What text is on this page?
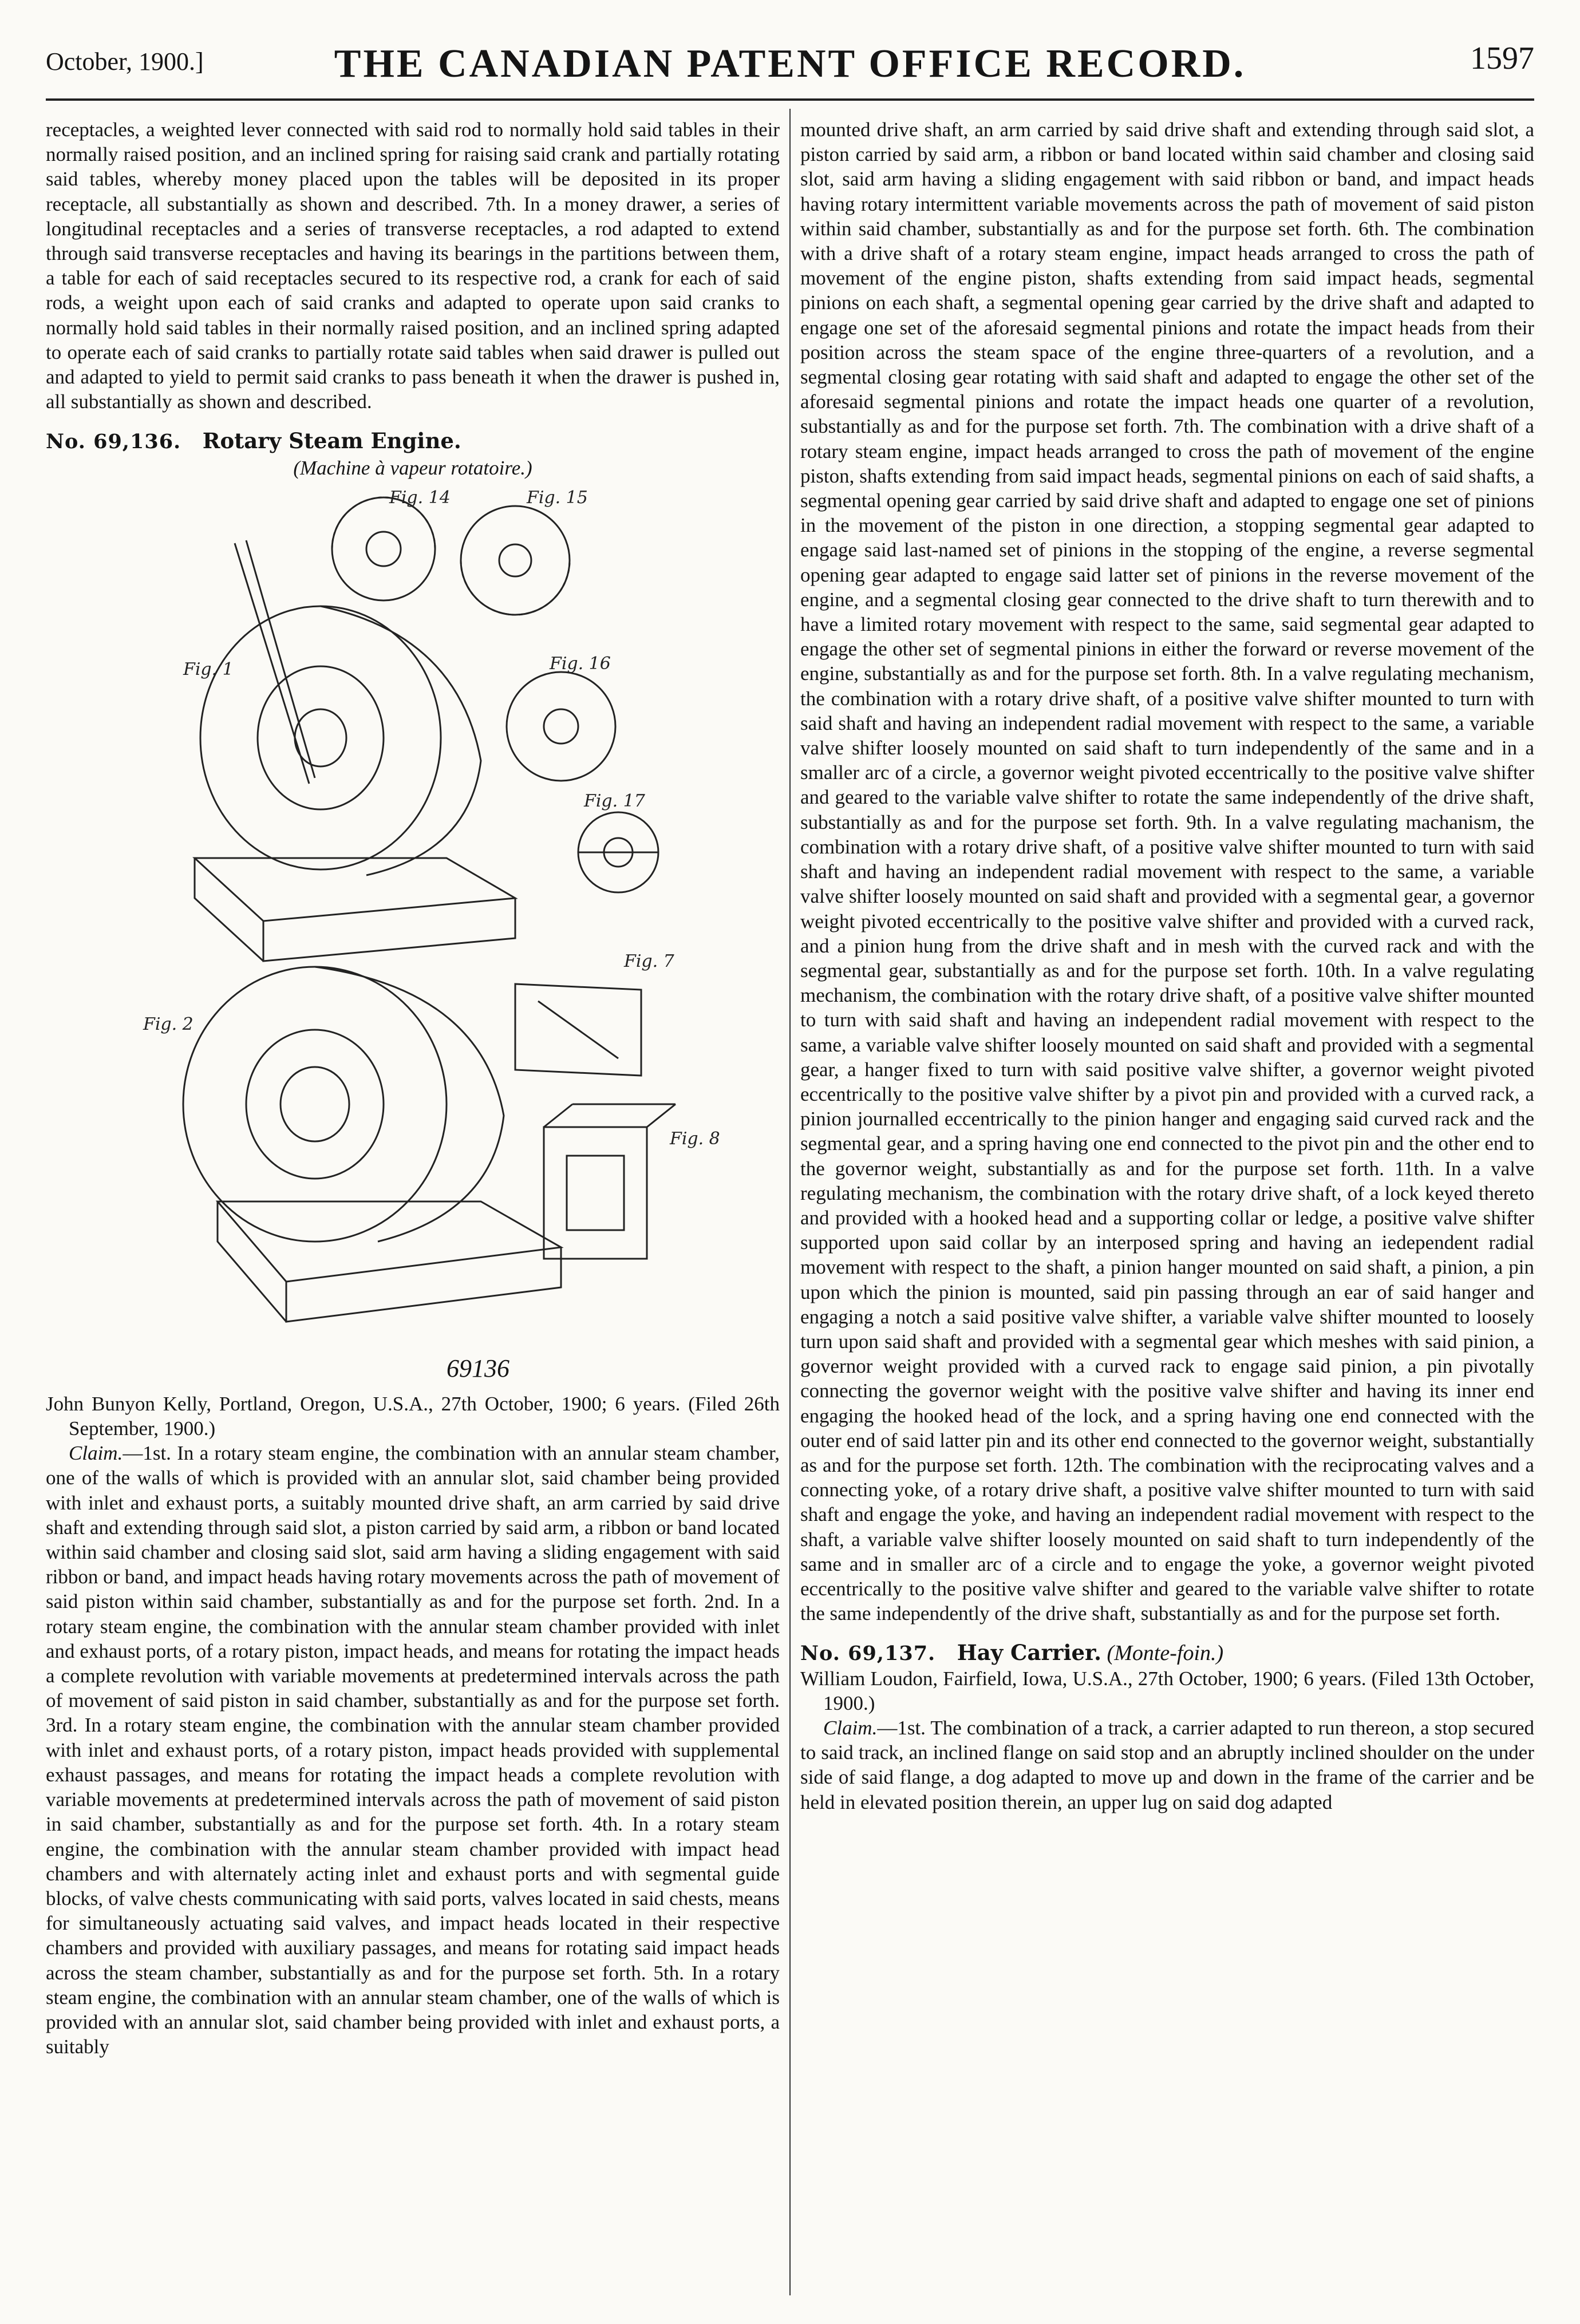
October, 1900.]	THE CANADIAN PATENT OFFICE RECORD.	1597

receptacles, a weighted lever connected with said rod to normally hold said tables in their normally raised position, and an inclined spring for raising said crank and partially rotating said tables, whereby money placed upon the tables will be deposited in its proper receptacle, all substantially as shown and described. 7th. In a money drawer, a series of longitudinal receptacles and a series of transverse receptacles, a rod adapted to extend through said transverse receptacles and having its bearings in the partitions between them, a table for each of said receptacles secured to its respective rod, a crank for each of said rods, a weight upon each of said cranks and adapted to operate upon said cranks to normally hold said tables in their normally raised position, and an inclined spring adapted to operate each of said cranks to partially rotate said tables when said drawer is pulled out and adapted to yield to permit said cranks to pass beneath it when the drawer is pushed in, all substantially as shown and described.

No. 69,136. Rotary Steam Engine.
(Machine à vapeur rotatoire.)
Fig. 14	Fig. 15
Fig. 1	Fig. 16
Fig. 17
Fig. 2
Fig. 7
Fig. 8
69136

John Bunyon Kelly, Portland, Oregon, U.S.A., 27th October, 1900; 6 years. (Filed 26th September, 1900.)

Claim.—1st. In a rotary steam engine, the combination with an annular steam chamber, one of the walls of which is provided with an annular slot, said chamber being provided with inlet and exhaust ports, a suitably mounted drive shaft, an arm carried by said drive shaft and extending through said slot, a piston carried by said arm, a ribbon or band located within said chamber and closing said slot, said arm having a sliding engagement with said ribbon or band, and impact heads having rotary movements across the path of movement of said piston within said chamber, substantially as and for the purpose set forth. 2nd. In a rotary steam engine, the combination with the annular steam chamber provided with inlet and exhaust ports, of a rotary piston, impact heads, and means for rotating the impact heads a complete revolution with variable movements at predetermined intervals across the path of movement of said piston in said chamber, substantially as and for the purpose set forth. 3rd. In a rotary steam engine, the combination with the annular steam chamber provided with inlet and exhaust ports, of a rotary piston, impact heads provided with supplemental exhaust passages, and means for rotating the impact heads a complete revolution with variable movements at predetermined intervals across the path of movement of said piston in said chamber, substantially as and for the purpose set forth. 4th. In a rotary steam engine, the combination with the annular steam chamber provided with impact head chambers and with alternately acting inlet and exhaust ports and with segmental guide blocks, of valve chests communicating with said ports, valves located in said chests, means for simultaneously actuating said valves, and impact heads located in their respective chambers and provided with auxiliary passages, and means for rotating said impact heads across the steam chamber, substantially as and for the purpose set forth. 5th. In a rotary steam engine, the combination with an annular steam chamber, one of the walls of which is provided with an annular slot, said chamber being provided with inlet and exhaust ports, a suitably

mounted drive shaft, an arm carried by said drive shaft and extending through said slot, a piston carried by said arm, a ribbon or band located within said chamber and closing said slot, said arm having a sliding engagement with said ribbon or band, and impact heads having rotary intermittent variable movements across the path of movement of said piston within said chamber, substantially as and for the purpose set forth. 6th. The combination with a drive shaft of a rotary steam engine, impact heads arranged to cross the path of movement of the engine piston, shafts extending from said impact heads, segmental pinions on each shaft, a segmental opening gear carried by the drive shaft and adapted to engage one set of the aforesaid segmental pinions and rotate the impact heads from their position across the steam space of the engine three-quarters of a revolution, and a segmental closing gear rotating with said shaft and adapted to engage the other set of the aforesaid segmental pinions and rotate the impact heads one quarter of a revolution, substantially as and for the purpose set forth. 7th. The combination with a drive shaft of a rotary steam engine, impact heads arranged to cross the path of movement of the engine piston, shafts extending from said impact heads, segmental pinions on each of said shafts, a segmental opening gear carried by said drive shaft and adapted to engage one set of pinions in the movement of the piston in one direction, a stopping segmental gear adapted to engage said last-named set of pinions in the stopping of the engine, a reverse segmental opening gear adapted to engage said latter set of pinions in the reverse movement of the engine, and a segmental closing gear connected to the drive shaft to turn therewith and to have a limited rotary movement with respect to the same, said segmental gear adapted to engage the other set of segmental pinions in either the forward or reverse movement of the engine, substantially as and for the purpose set forth. 8th. In a valve regulating mechanism, the combination with a rotary drive shaft, of a positive valve shifter mounted to turn with said shaft and having an independent radial movement with respect to the same, a variable valve shifter loosely mounted on said shaft to turn independently of the same and in a smaller arc of a circle, a governor weight pivoted eccentrically to the positive valve shifter and geared to the variable valve shifter to rotate the same independently of the drive shaft, substantially as and for the purpose set forth. 9th. In a valve regulating machanism, the combination with a rotary drive shaft, of a positive valve shifter mounted to turn with said shaft and having an independent radial movement with respect to the same, a variable valve shifter loosely mounted on said shaft and provided with a segmental gear, a governor weight pivoted eccentrically to the positive valve shifter and provided with a curved rack, and a pinion hung from the drive shaft and in mesh with the curved rack and with the segmental gear, substantially as and for the purpose set forth. 10th. In a valve regulating mechanism, the combination with the rotary drive shaft, of a positive valve shifter mounted to turn with said shaft and having an independent radial movement with respect to the same, a variable valve shifter loosely mounted on said shaft and provided with a segmental gear, a hanger fixed to turn with said positive valve shifter, a governor weight pivoted eccentrically to the positive valve shifter by a pivot pin and provided with a curved rack, a pinion journalled eccentrically to the pinion hanger and engaging said curved rack and the segmental gear, and a spring having one end connected to the pivot pin and the other end to the governor weight, substantially as and for the purpose set forth. 11th. In a valve regulating mechanism, the combination with the rotary drive shaft, of a lock keyed thereto and provided with a hooked head and a supporting collar or ledge, a positive valve shifter supported upon said collar by an interposed spring and having an iedependent radial movement with respect to the shaft, a pinion hanger mounted on said shaft, a pinion, a pin upon which the pinion is mounted, said pin passing through an ear of said hanger and engaging a notch a said positive valve shifter, a variable valve shifter mounted to loosely turn upon said shaft and provided with a segmental gear which meshes with said pinion, a governor weight provided with a curved rack to engage said pinion, a pin pivotally connecting the governor weight with the positive valve shifter and having its inner end engaging the hooked head of the lock, and a spring having one end connected with the outer end of said latter pin and its other end connected to the governor weight, substantially as and for the purpose set forth. 12th. The combination with the reciprocating valves and a connecting yoke, of a rotary drive shaft, a positive valve shifter mounted to turn with said shaft and engage the yoke, and having an independent radial movement with respect to the shaft, a variable valve shifter loosely mounted on said shaft to turn independently of the same and in smaller arc of a circle and to engage the yoke, a governor weight pivoted eccentrically to the positive valve shifter and geared to the variable valve shifter to rotate the same independently of the drive shaft, substantially as and for the purpose set forth.

No. 69,137. Hay Carrier. (Monte-foin.)

William Loudon, Fairfield, Iowa, U.S.A., 27th October, 1900; 6 years. (Filed 13th October, 1900.)

Claim.—1st. The combination of a track, a carrier adapted to run thereon, a stop secured to said track, an inclined flange on said stop and an abruptly inclined shoulder on the under side of said flange, a dog adapted to move up and down in the frame of the carrier and be held in elevated position therein, an upper lug on said dog adapted
